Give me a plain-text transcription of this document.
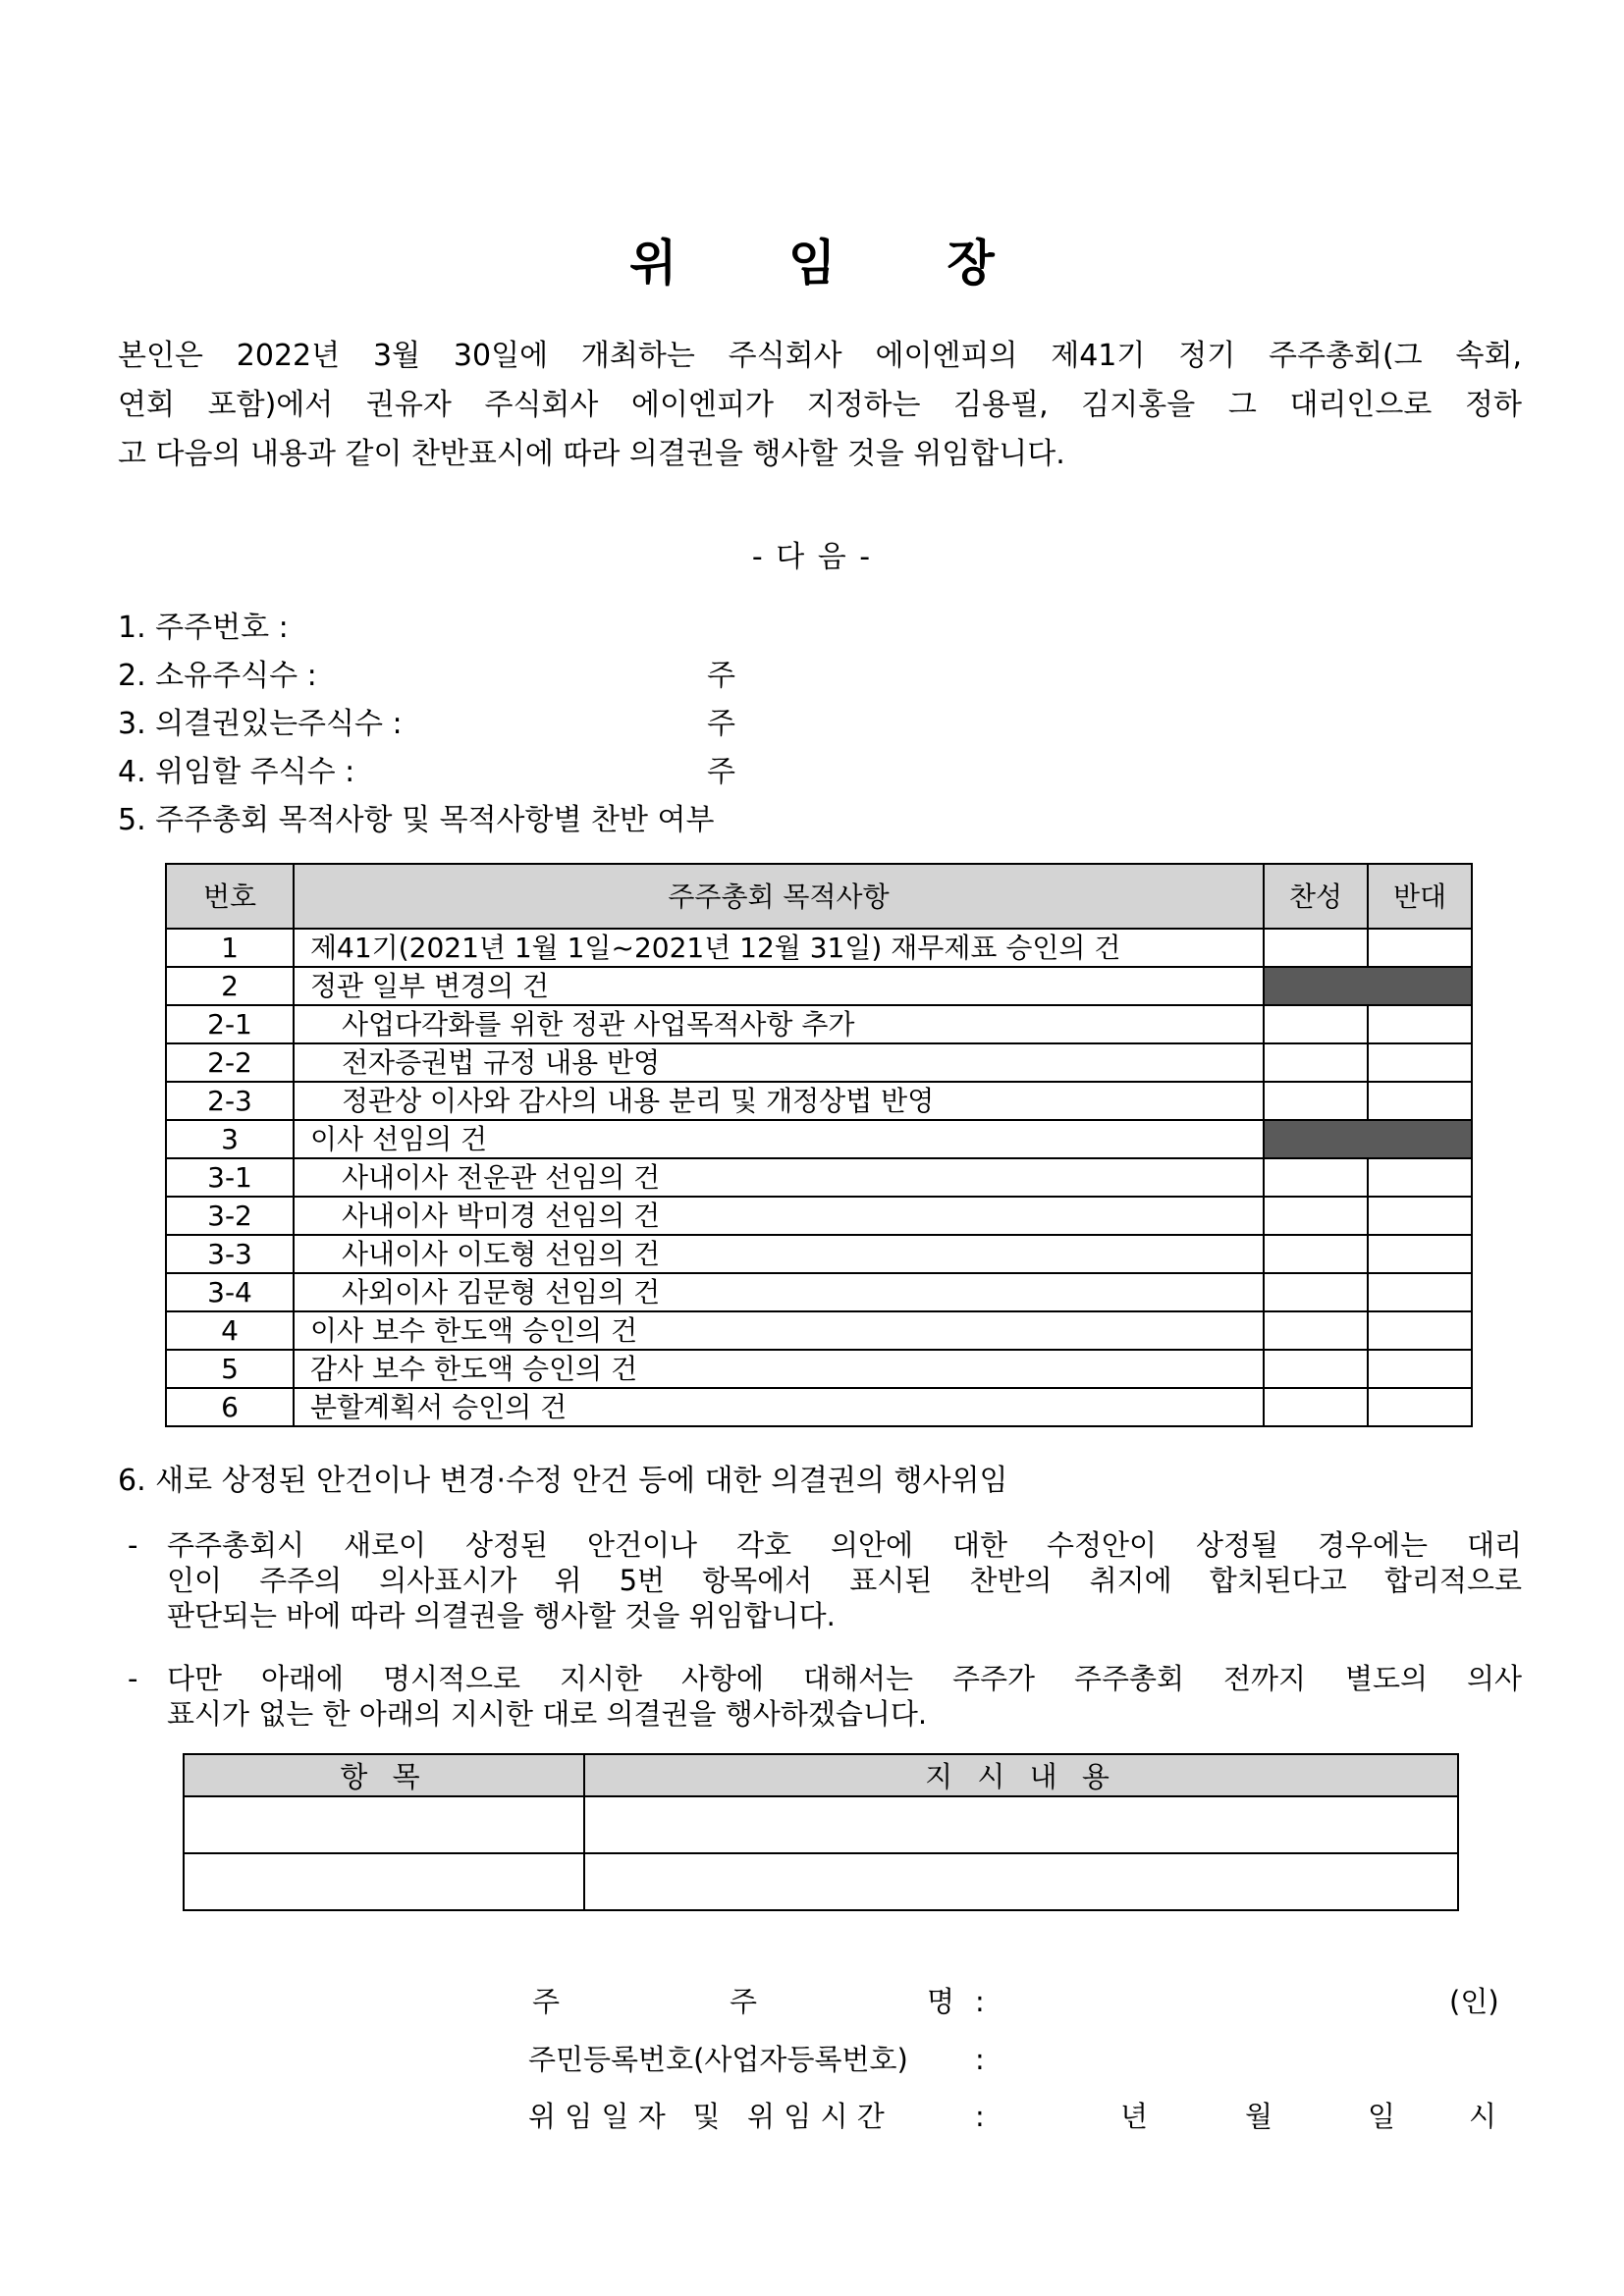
위 임 장
본인은 2022년 3월 30일에 개최하는 주식회사 에이엔피의 제41기 정기 주주총회(그 속회,
연회 포함)에서 권유자 주식회사 에이엔피가 지정하는 김용필, 김지홍을 그 대리인으로 정하
고 다음의 내용과 같이 찬반표시에 따라 의결권을 행사할 것을 위임합니다.
- 다 음 -
1. 주주번호 :
2. 소유주식수 :	주
3. 의결권있는주식수 :	주
4. 위임할 주식수 :	주
5. 주주총회 목적사항 및 목적사항별 찬반 여부
번호	주주총회 목적사항	찬성	반대
1	제41기(2021년 1월 1일~2021년 12월 31일) 재무제표 승인의 건		
2	정관 일부 변경의 건		
2-1	사업다각화를 위한 정관 사업목적사항 추가		
2-2	전자증권법 규정 내용 반영		
2-3	정관상 이사와 감사의 내용 분리 및 개정상법 반영		
3	이사 선임의 건		
3-1	사내이사 전운관 선임의 건		
3-2	사내이사 박미경 선임의 건		
3-3	사내이사 이도형 선임의 건		
3-4	사외이사 김문형 선임의 건		
4	이사 보수 한도액 승인의 건		
5	감사 보수 한도액 승인의 건		
6	분할계획서 승인의 건		
6. 새로 상정된 안건이나 변경·수정 안건 등에 대한 의결권의 행사위임
- 주주총회시 새로이 상정된 안건이나 각호 의안에 대한 수정안이 상정될 경우에는 대리
인이 주주의 의사표시가 위 5번 항목에서 표시된 찬반의 취지에 합치된다고 합리적으로
판단되는 바에 따라 의결권을 행사할 것을 위임합니다.
- 다만 아래에 명시적으로 지시한 사항에 대해서는 주주가 주주총회 전까지 별도의 의사
표시가 없는 한 아래의 지시한 대로 의결권을 행사하겠습니다.
항 목	지 시 내 용

주	주	명 :	(인)
주민등록번호(사업자등록번호) :
위 임 일 자   및   위 임 시 간	:	년	월	일	시
